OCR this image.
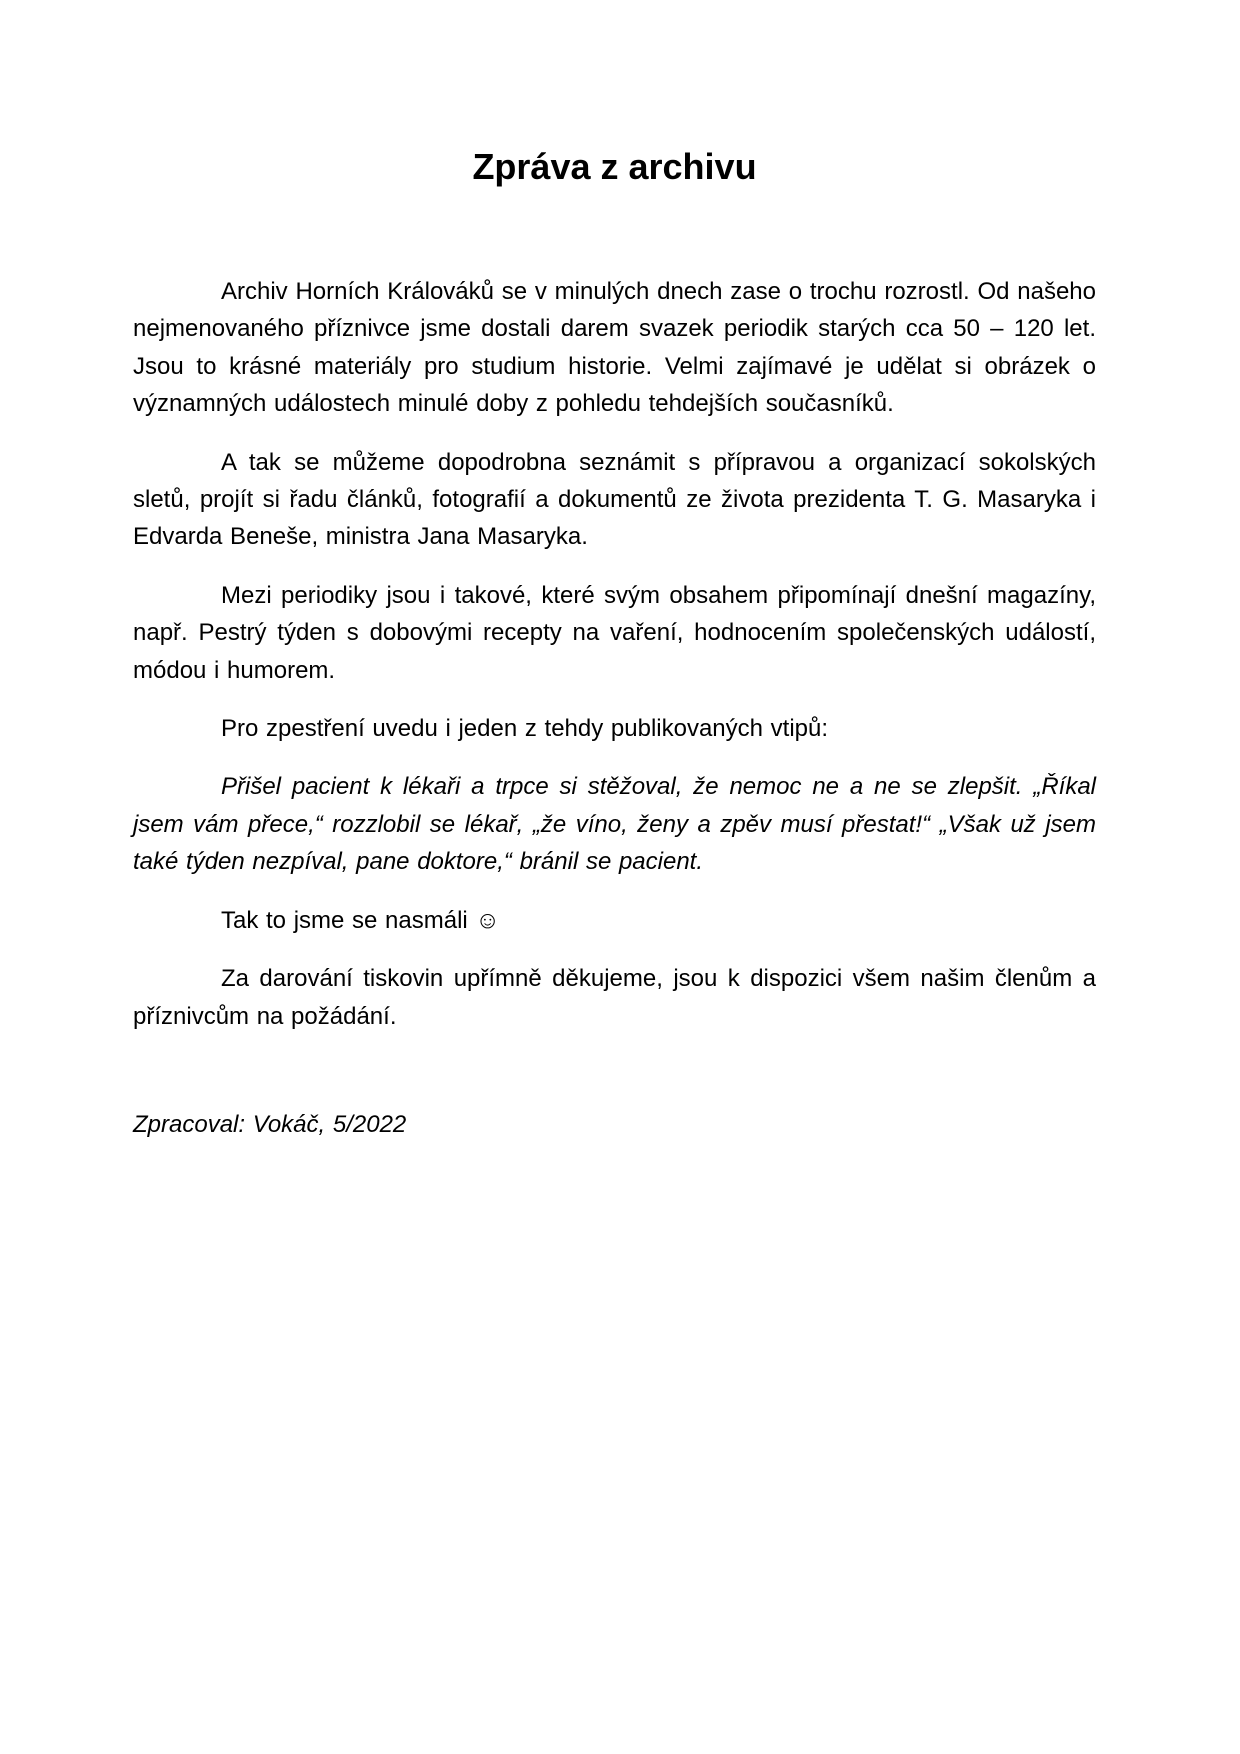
Zpráva z archivu

Archiv Horních Králováků se v minulých dnech zase o trochu rozrostl. Od našeho nejmenovaného příznivce jsme dostali darem svazek periodik starých cca 50 – 120 let. Jsou to krásné materiály pro studium historie. Velmi zajímavé je udělat si obrázek o významných událostech minulé doby z pohledu tehdejších současníků.

A tak se můžeme dopodrobna seznámit s přípravou a organizací sokolských sletů, projít si řadu článků, fotografií a dokumentů ze života prezidenta T. G. Masaryka i Edvarda Beneše, ministra Jana Masaryka.

Mezi periodiky jsou i takové, které svým obsahem připomínají dnešní magazíny, např. Pestrý týden s dobovými recepty na vaření, hodnocením společenských událostí, módou i humorem.

Pro zpestření uvedu i jeden z tehdy publikovaných vtipů:

Přišel pacient k lékaři a trpce si stěžoval, že nemoc ne a ne se zlepšit. „Říkal jsem vám přece,“ rozzlobil se lékař, „že víno, ženy a zpěv musí přestat!“ „Však už jsem také týden nezpíval, pane doktore,“ bránil se pacient.

Tak to jsme se nasmáli ☺

Za darování tiskovin upřímně děkujeme, jsou k dispozici všem našim členům a příznivcům na požádání.

Zpracoval: Vokáč, 5/2022
